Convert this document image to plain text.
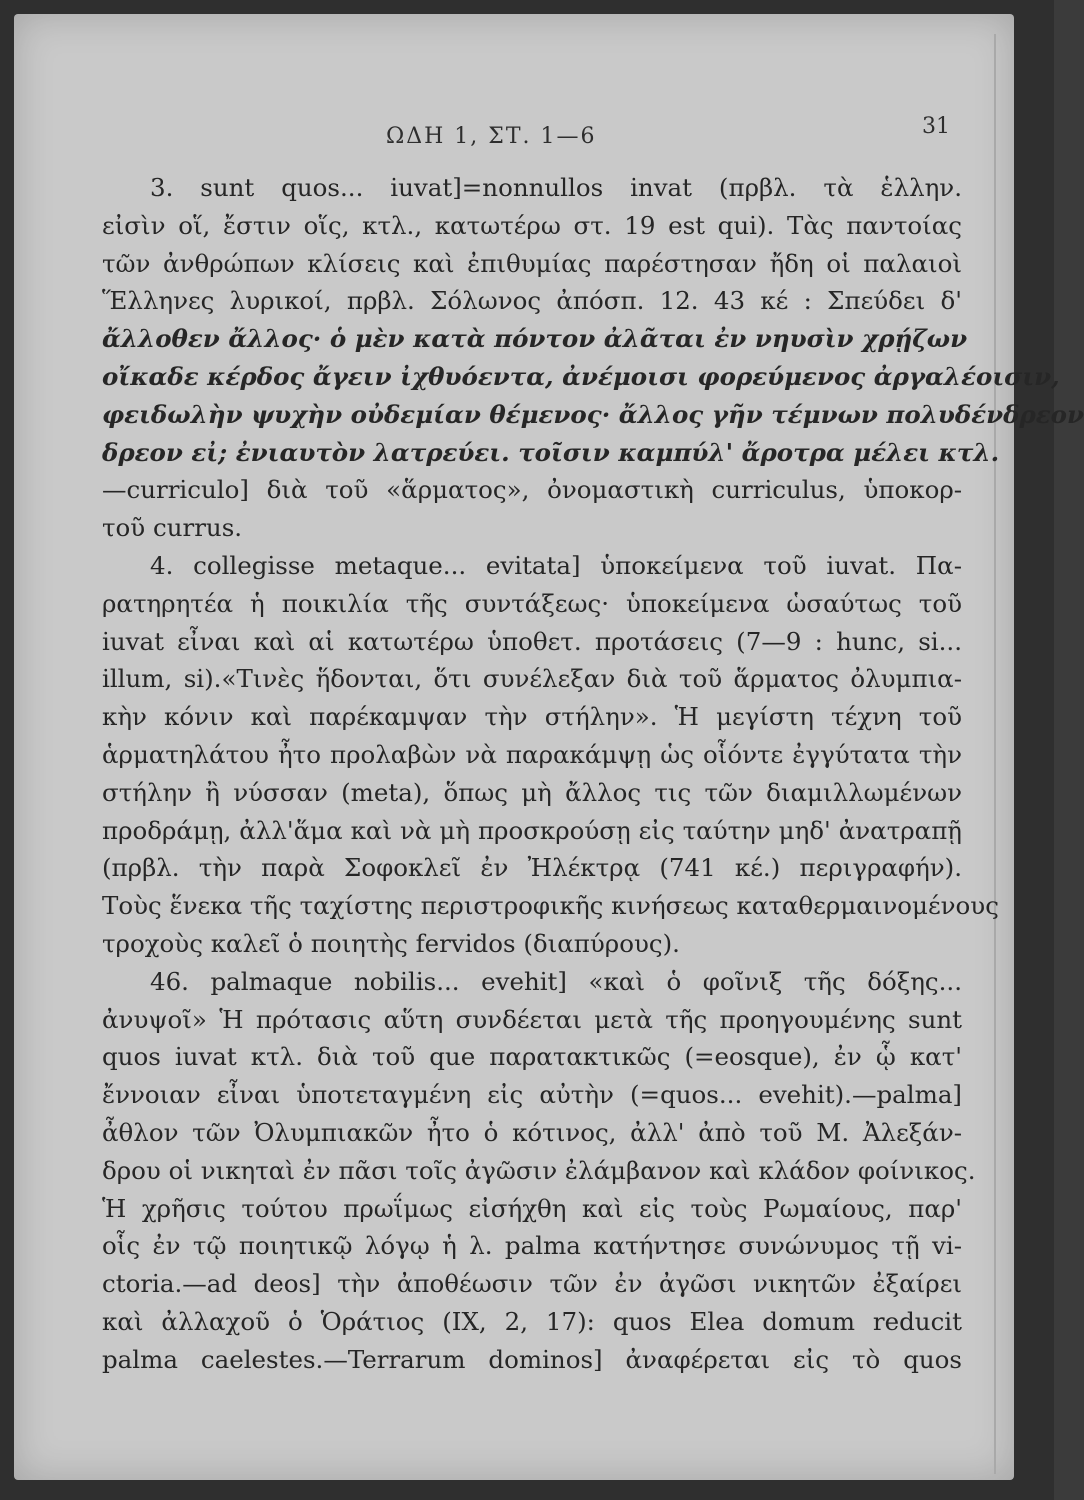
ΩΔΗ 1, ΣΤ. 1—6	31
3. sunt quos... iuvat]=nonnullos invat (πρβλ. τὰ ἑλλην.
εἰσὶν οἵ, ἔστιν οἵς, κτλ., κατωτέρω στ. 19 est qui). Τὰς παντοίας
τῶν ἀνθρώπων κλίσεις καὶ ἐπιθυμίας παρέστησαν ἤδη οἱ παλαιοὶ
Ἕλληνες λυρικοί, πρβλ. Σόλωνος ἀπόσπ. 12. 43 κέ : Σπεύδει δ'
ἄλλοθεν ἄλλος· ὁ μὲν κατὰ πόντον ἀλᾶται ἐν νηυσὶν χρῄζων
οἴκαδε κέρδος ἄγειν ἰχθυόεντα, ἀνέμοισι φορεύμενος ἀργαλέοισιν,
φειδωλὴν ψυχὴν οὐδεμίαν θέμενος· ἄλλος γῆν τέμνων πολυδένδρεον
δρεον εἰ; ἐνιαυτὸν λατρεύει. τοῖσιν καμπύλ' ἄροτρα μέλει κτλ.
—curriculo] διὰ τοῦ «ἅρματος», ὀνομαστικὴ curriculus, ὑποκορ-
τοῦ currus.
4. collegisse metaque... evitata] ὑποκείμενα τοῦ iuvat. Πα-
ρατηρητέα ἡ ποικιλία τῆς συντάξεως· ὑποκείμενα ὡσαύτως τοῦ
iuvat εἶναι καὶ αἱ κατωτέρω ὑποθετ. προτάσεις (7—9 : hunc, si...
illum, si).«Τινὲς ἥδονται, ὅτι συνέλεξαν διὰ τοῦ ἅρματος ὀλυμπια-
κὴν κόνιν καὶ παρέκαμψαν τὴν στήλην». Ἡ μεγίστη τέχνη τοῦ
ἁρματηλάτου ἦτο προλαβὼν νὰ παρακάμψῃ ὡς οἷόντε ἐγγύτατα τὴν
στήλην ἢ νύσσαν (meta), ὅπως μὴ ἄλλος τις τῶν διαμιλλωμένων
προδράμῃ, ἀλλ'ἅμα καὶ νὰ μὴ προσκρούσῃ εἰς ταύτην μηδ' ἀνατραπῇ
(πρβλ. τὴν παρὰ Σοφοκλεῖ ἐν Ἠλέκτρᾳ (741 κέ.) περιγραφήν).
Τοὺς ἕνεκα τῆς ταχίστης περιστροφικῆς κινήσεως καταθερμαινομένους
τροχοὺς καλεῖ ὁ ποιητὴς fervidos (διαπύρους).
46. palmaque nobilis... evehit] «καὶ ὁ φοῖνιξ τῆς δόξης...
ἀνυψοῖ» Ἡ πρότασις αὕτη συνδέεται μετὰ τῆς προηγουμένης sunt
quos iuvat κτλ. διὰ τοῦ que παρατακτικῶς (=eosque), ἐν ᾧ κατ'
ἔννοιαν εἶναι ὑποτεταγμένη εἰς αὐτὴν (=quos... evehit).—palma]
ἆθλον τῶν Ὀλυμπιακῶν ἦτο ὁ κότινος, ἀλλ' ἀπὸ τοῦ Μ. Ἀλεξάν-
δρου οἱ νικηταὶ ἐν πᾶσι τοῖς ἀγῶσιν ἐλάμβανον καὶ κλάδον φοίνικος.
Ἡ χρῆσις τούτου πρωΐμως εἰσήχθη καὶ εἰς τοὺς Ρωμαίους, παρ'
οἷς ἐν τῷ ποιητικῷ λόγῳ ἡ λ. palma κατήντησε συνώνυμος τῇ vi-
ctoria.—ad deos] τὴν ἀποθέωσιν τῶν ἐν ἀγῶσι νικητῶν ἐξαίρει
καὶ ἀλλαχοῦ ὁ Ὁράτιος (IX, 2, 17): quos Elea domum reducit
palma caelestes.—Terrarum dominos] ἀναφέρεται εἰς τὸ quos
